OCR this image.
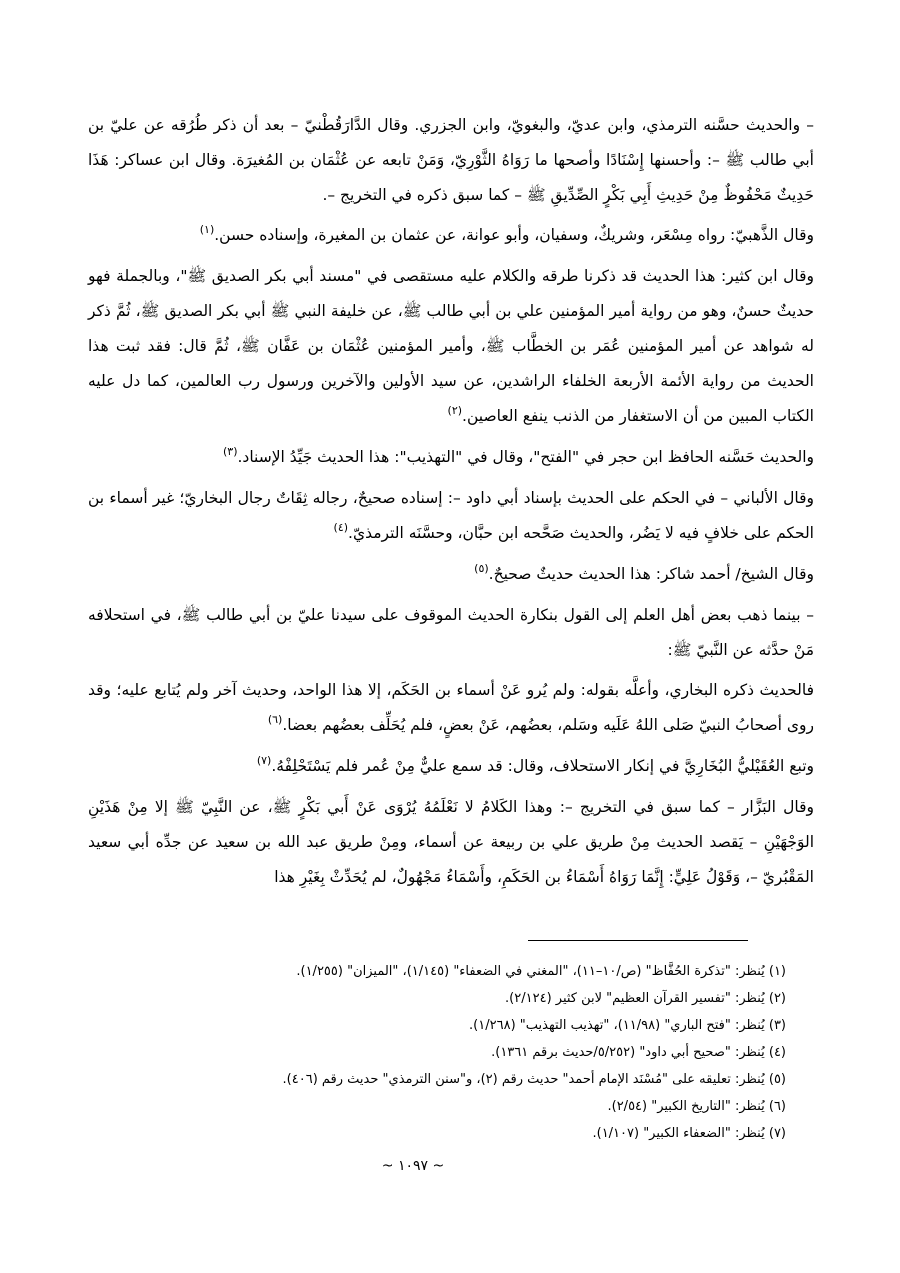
– والحديث حسَّنه الترمذي، وابن عديّ، والبغويّ، وابن الجزري. وقال الدَّارَقُطْنيّ – بعد أن ذكر طُرُقه عن عليّ بن أبي طالب ﷺ –: وأحسنها إِسْنَادًا وأصحها ما رَوَاهُ الثَّوْرِيّ، وَمَنْ تابعه عن عُثْمَان بن المُغيرَة. وقال ابن عساكر: هَذَا حَدِيثٌ مَحْفُوظٌ مِنْ حَدِيثِ أَبِي بَكْرٍ الصِّدِّيقِ ﷺ – كما سبق ذكره في التخريج –.

وقال الذَّهبيّ: رواه مِسْعَر، وشريكٌ، وسفيان، وأبو عوانة، عن عثمان بن المغيرة، وإسناده حسن.$^{(١)}$

وقال ابن كثير: هذا الحديث قد ذكرنا طرقه والكلام عليه مستقصى في "مسند أبي بكر الصديق ﷺ"، وبالجملة فهو حديثٌ حسنٌ، وهو من رواية أمير المؤمنين علي بن أبي طالب ﷺ، عن خليفة النبي ﷺ أبي بكر الصديق ﷺ، ثُمَّ ذكر له شواهد عن أمير المؤمنين عُمَر بن الخطَّاب ﷺ، وأمير المؤمنين عُثْمَان بن عَفَّان ﷺ، ثُمَّ قال: فقد ثبت هذا الحديث من رواية الأئمة الأربعة الخلفاء الراشدين، عن سيد الأولين والآخرين ورسول رب العالمين، كما دل عليه الكتاب المبين من أن الاستغفار من الذنب ينفع العاصين.$^{(٢)}$

والحديث حَسَّنه الحافظ ابن حجر في "الفتح"، وقال في "التهذيب": هذا الحديث جَيِّدُ الإسناد.$^{(٣)}$

وقال الألباني – في الحكم على الحديث بإسناد أبي داود –: إسناده صحيحٌ، رجاله ثِقَاتٌ رجال البخاريّ؛ غير أسماء بن الحكم على خلافٍ فيه لا يَضُر، والحديث صَحَّحه ابن حبَّان، وحسَّنَه الترمذيّ.$^{(٤)}$

وقال الشيخ/ أحمد شاكر: هذا الحديث حديثٌ صحيحٌ.$^{(٥)}$

– بينما ذهب بعض أهل العلم إلى القول بنكارة الحديث الموقوف على سيدنا عليّ بن أبي طالب ﷺ، في استحلافه مَنْ حدَّثه عن النَّبيّ ﷺ:

فالحديث ذكره البخاري، وأعلَّه بقوله: ولم يُرو عَنْ أسماء بن الحَكَم، إلا هذا الواحد، وحديث آخر ولم يُتابع عليه؛ وقد روى أصحابُ النبيّ صَلى اللهُ عَلَيه وسَلم، بعضُهم، عَنْ بعضٍ، فلم يُحَلِّف بعضُهم بعضا.$^{(٦)}$

وتبع العُقَيْليُّ البُخَارِيَّ في إنكار الاستحلاف، وقال: قد سمع عليٌّ مِنْ عُمر فلم يَسْتَحْلِفْهُ.$^{(٧)}$

وقال البَزَّار – كما سبق في التخريج –: وهذا الكَلامُ لا نَعْلَمُهُ يُرْوَى عَنْ أَبي بَكْرٍ ﷺ، عن النَّبِيّ ﷺ إلا مِنْ هَذَيْنِ الوَجْهَيْنِ – يَقصد الحديث مِنْ طريق علي بن ربيعة عن أسماء، ومِنْ طريق عبد الله بن سعيد عن جدِّه أبي سعيد المَقْبُريّ –، وَقَوْلُ عَلِيٍّ: إِنَّمَا رَوَاهُ أَسْمَاءُ بن الحَكَمِ، وأَسْمَاءُ مَجْهُولٌ، لم يُحَدِّثْ بِغَيْرِ هذا

(١) يُنظر: "تذكرة الحُفَّاظ" (ص/١٠–١١)، "المغني في الضعفاء" (١/١٤٥)، "الميزان" (١/٢٥٥).
(٢) يُنظر: "تفسير القرآن العظيم" لابن كثير (٢/١٢٤).
(٣) يُنظر: "فتح الباري" (١١/٩٨)، "تهذيب التهذيب" (١/٢٦٨).
(٤) يُنظر: "صحيح أبي داود" (٥/٢٥٢/حديث برقم ١٣٦١).
(٥) يُنظر: تعليقه على "مُسْنَد الإمام أحمد" حديث رقم (٢)، و"سنن الترمذي" حديث رقم (٤٠٦).
(٦) يُنظر: "التاريخ الكبير" (٢/٥٤).
(٧) يُنظر: "الضعفاء الكبير" (١/١٠٧).
~ ١٠٩٧ ~
